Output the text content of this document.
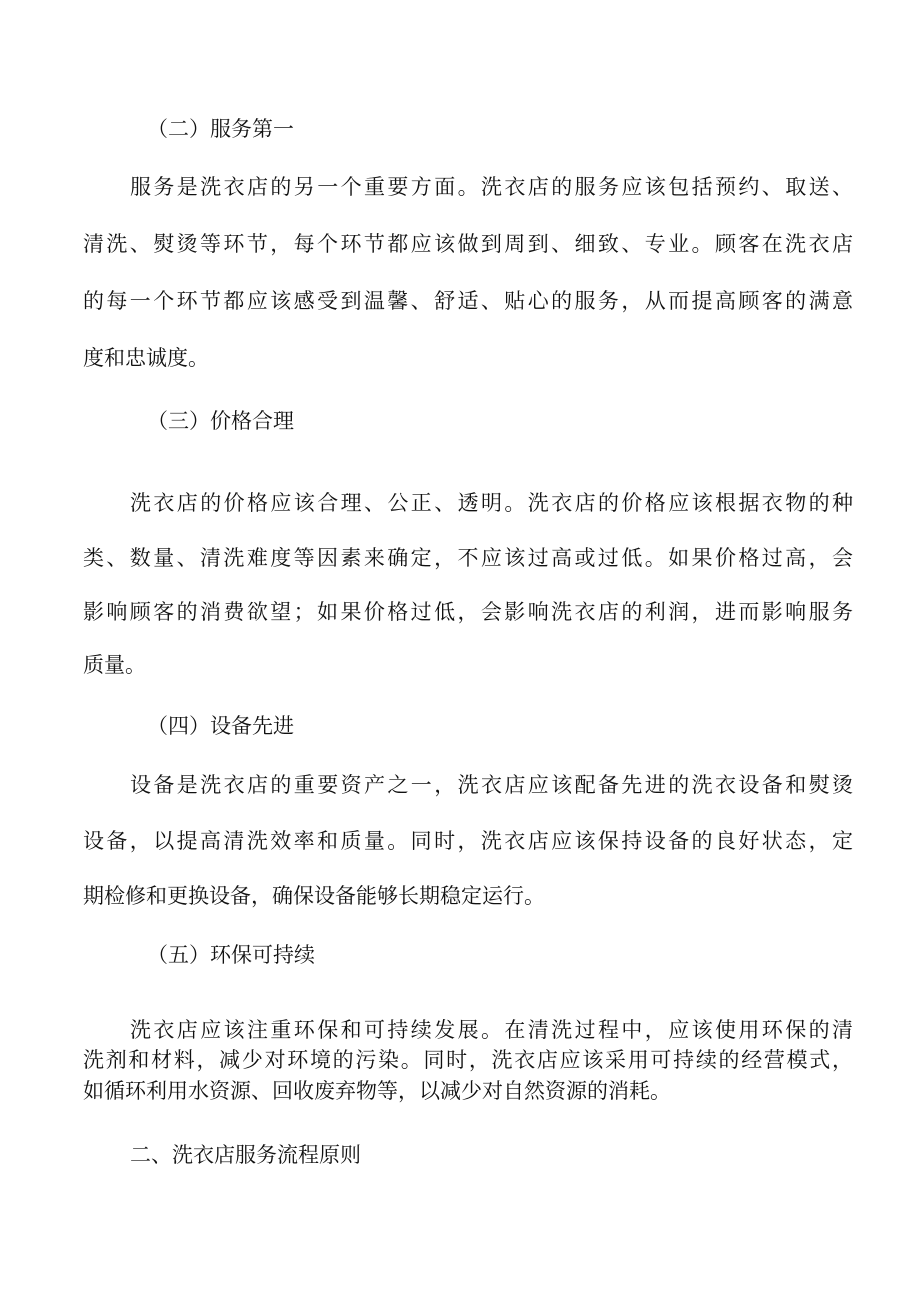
（二）服务第一
服务是洗衣店的另一个重要方面。洗衣店的服务应该包括预约、取送、
清洗、熨烫等环节，每个环节都应该做到周到、细致、专业。顾客在洗衣店
的每一个环节都应该感受到温馨、舒适、贴心的服务，从而提高顾客的满意
度和忠诚度。
（三）价格合理
洗衣店的价格应该合理、公正、透明。洗衣店的价格应该根据衣物的种
类、数量、清洗难度等因素来确定，不应该过高或过低。如果价格过高，会
影响顾客的消费欲望；如果价格过低，会影响洗衣店的利润，进而影响服务
质量。
（四）设备先进
设备是洗衣店的重要资产之一，洗衣店应该配备先进的洗衣设备和熨烫
设备，以提高清洗效率和质量。同时，洗衣店应该保持设备的良好状态，定
期检修和更换设备，确保设备能够长期稳定运行。
（五）环保可持续
洗衣店应该注重环保和可持续发展。在清洗过程中，应该使用环保的清
洗剂和材料，减少对环境的污染。同时，洗衣店应该采用可持续的经营模式，
如循环利用水资源、回收废弃物等，以减少对自然资源的消耗。
二、洗衣店服务流程原则
